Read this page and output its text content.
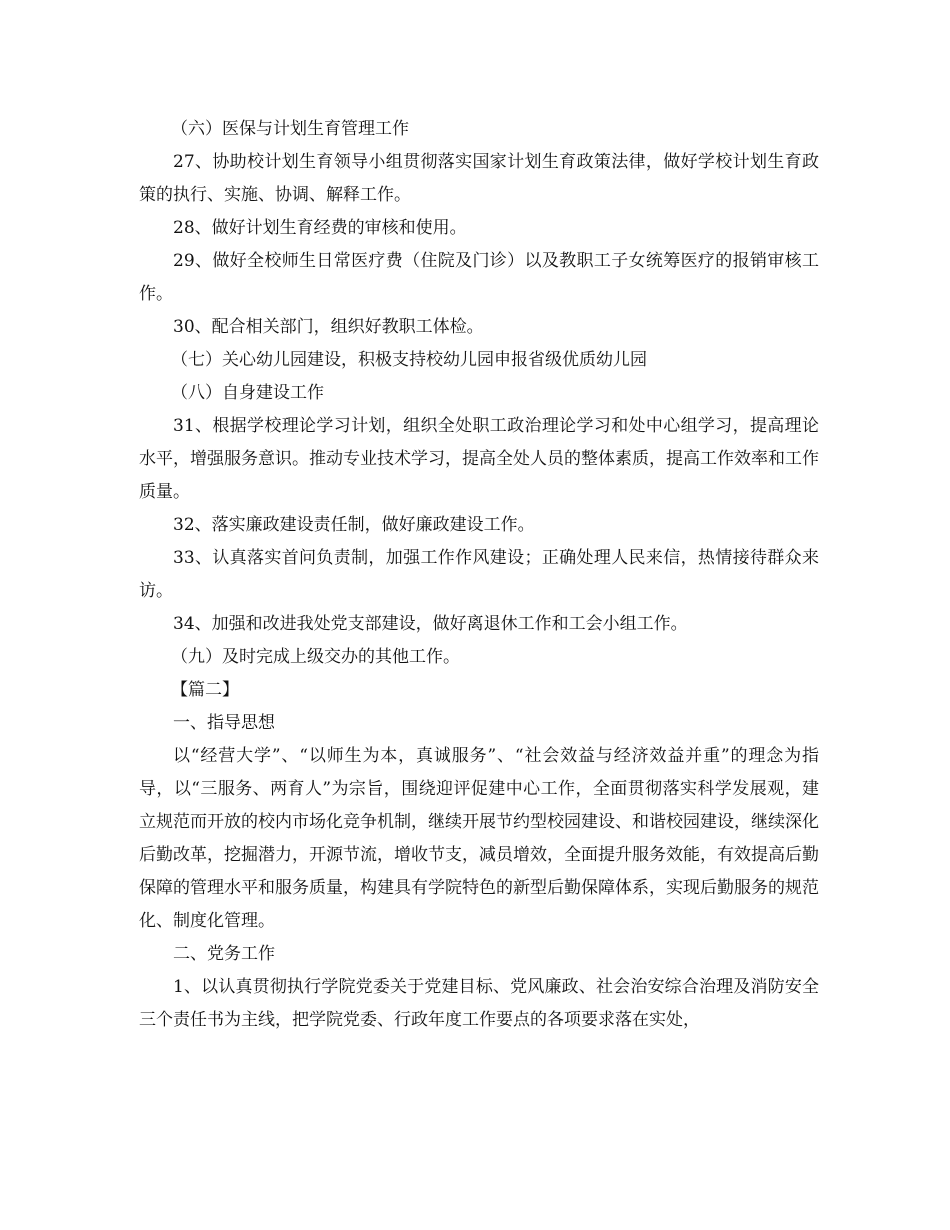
（六）医保与计划生育管理工作

27、协助校计划生育领导小组贯彻落实国家计划生育政策法律，做好学校计划生育政策的执行、实施、协调、解释工作。

28、做好计划生育经费的审核和使用。

29、做好全校师生日常医疗费（住院及门诊）以及教职工子女统筹医疗的报销审核工作。

30、配合相关部门，组织好教职工体检。

（七）关心幼儿园建设，积极支持校幼儿园申报省级优质幼儿园

（八）自身建设工作

31、根据学校理论学习计划，组织全处职工政治理论学习和处中心组学习，提高理论水平，增强服务意识。推动专业技术学习，提高全处人员的整体素质，提高工作效率和工作质量。

32、落实廉政建设责任制，做好廉政建设工作。

33、认真落实首问负责制，加强工作作风建设；正确处理人民来信，热情接待群众来访。

34、加强和改进我处党支部建设，做好离退休工作和工会小组工作。

（九）及时完成上级交办的其他工作。

【篇二】

一、指导思想

以“经营大学”、“以师生为本，真诚服务”、“社会效益与经济效益并重”的理念为指导，以“三服务、两育人”为宗旨，围绕迎评促建中心工作，全面贯彻落实科学发展观，建立规范而开放的校内市场化竞争机制，继续开展节约型校园建设、和谐校园建设，继续深化后勤改革，挖掘潜力，开源节流，增收节支，减员增效，全面提升服务效能，有效提高后勤保障的管理水平和服务质量，构建具有学院特色的新型后勤保障体系，实现后勤服务的规范化、制度化管理。

二、党务工作

1、以认真贯彻执行学院党委关于党建目标、党风廉政、社会治安综合治理及消防安全三个责任书为主线，把学院党委、行政年度工作要点的各项要求落在实处，
